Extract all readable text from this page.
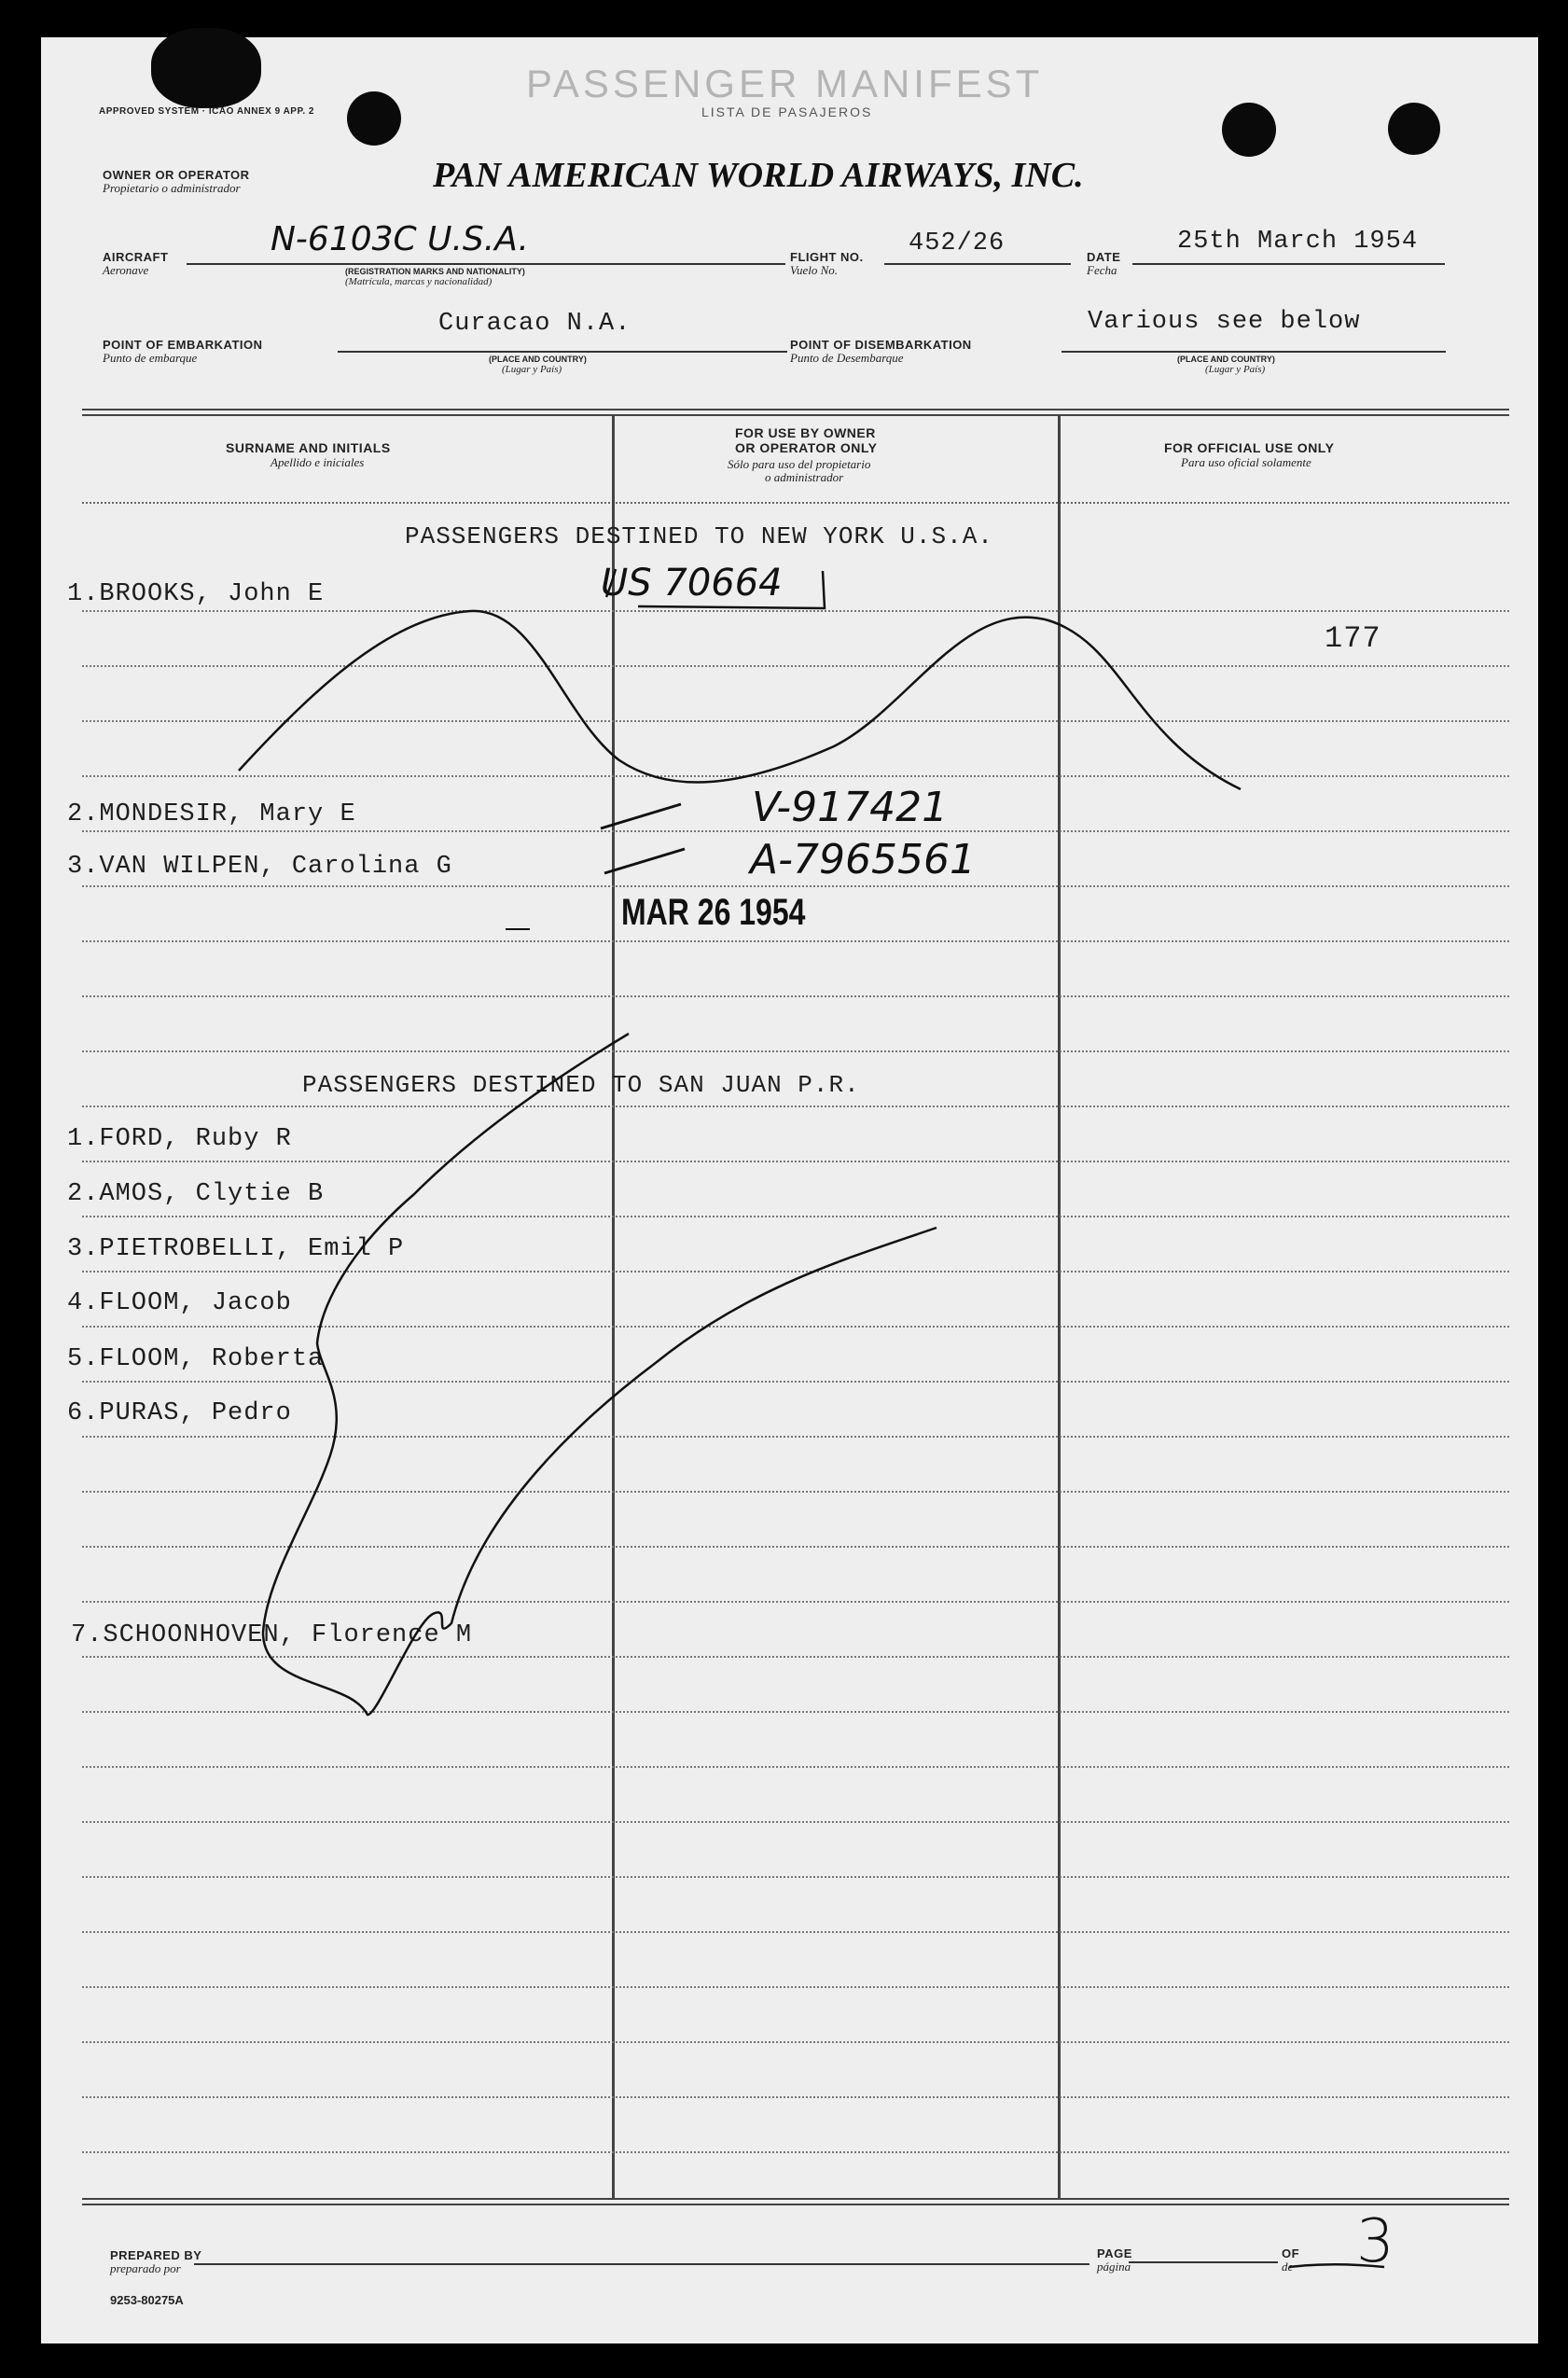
APPROVED SYSTEM · ICAO ANNEX 9 APP. 2
PASSENGER MANIFEST
LISTA DE PASAJEROS
OWNER OR OPERATOR
Propietario o administrador	PAN AMERICAN WORLD AIRWAYS, INC.
AIRCRAFT
Aeronave
N-6103C U.S.A.
(REGISTRATION MARKS AND NATIONALITY)
(Matrícula, marcas y nacionalidad)
FLIGHT NO.
Vuelo No.
452/26	DATE
Fecha
25th March 1954
POINT OF EMBARKATION
Punto de embarque
Curacao N.A.
(PLACE AND COUNTRY)
(Lugar y País)
POINT OF DISEMBARKATION
Punto de Desembarque
Various see below
(PLACE AND COUNTRY)
(Lugar y País)
SURNAME AND INITIALS
Apellido e iniciales
FOR USE BY OWNER
OR OPERATOR ONLY
Sólo para uso del propietario
o administrador
FOR OFFICIAL USE ONLY
Para uso oficial solamente
PASSENGERS DESTINED TO NEW YORK U.S.A.
1.BROOKS, John E	US 70664
177
2.MONDESIR, Mary E	V-917421
3.VAN WILPEN, Carolina G	A-7965561
MAR 26 1954
PASSENGERS DESTINED TO SAN JUAN P.R.
1.FORD, Ruby R
2.AMOS, Clytie B
3.PIETROBELLI, Emil P
4.FLOOM, Jacob
5.FLOOM, Roberta
6.PURAS, Pedro
7.SCHOONHOVEN, Florence M
PREPARED BY
preparado por
9253-80275A
PAGE
página
OF
de 3
